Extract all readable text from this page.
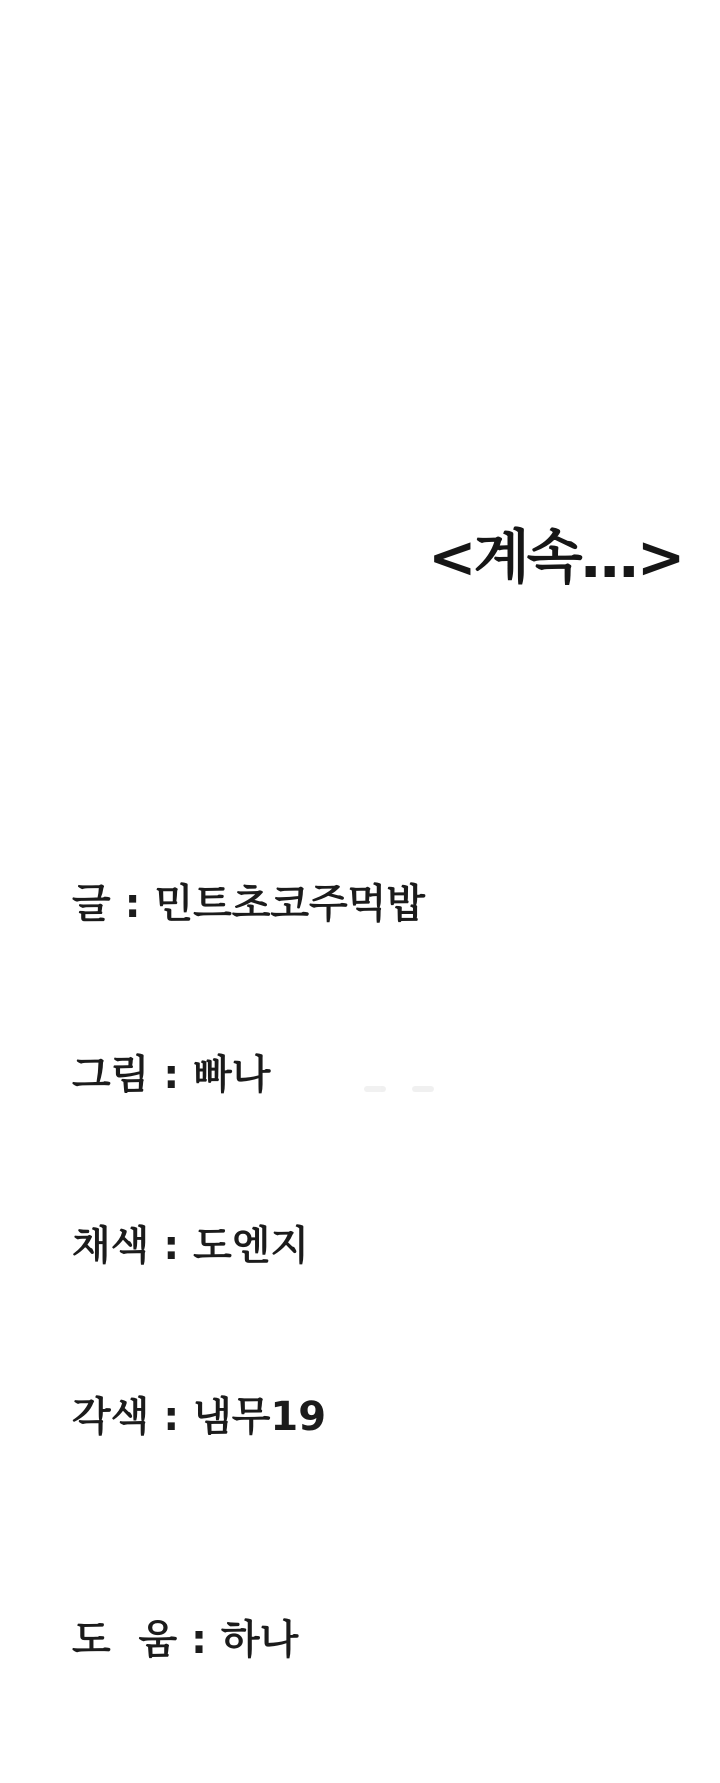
<계속...>

글 : 민트초코주먹밥

그림 : 빠나

채색 : 도엔지

각색 : 냄무19

도  움 : 하나
